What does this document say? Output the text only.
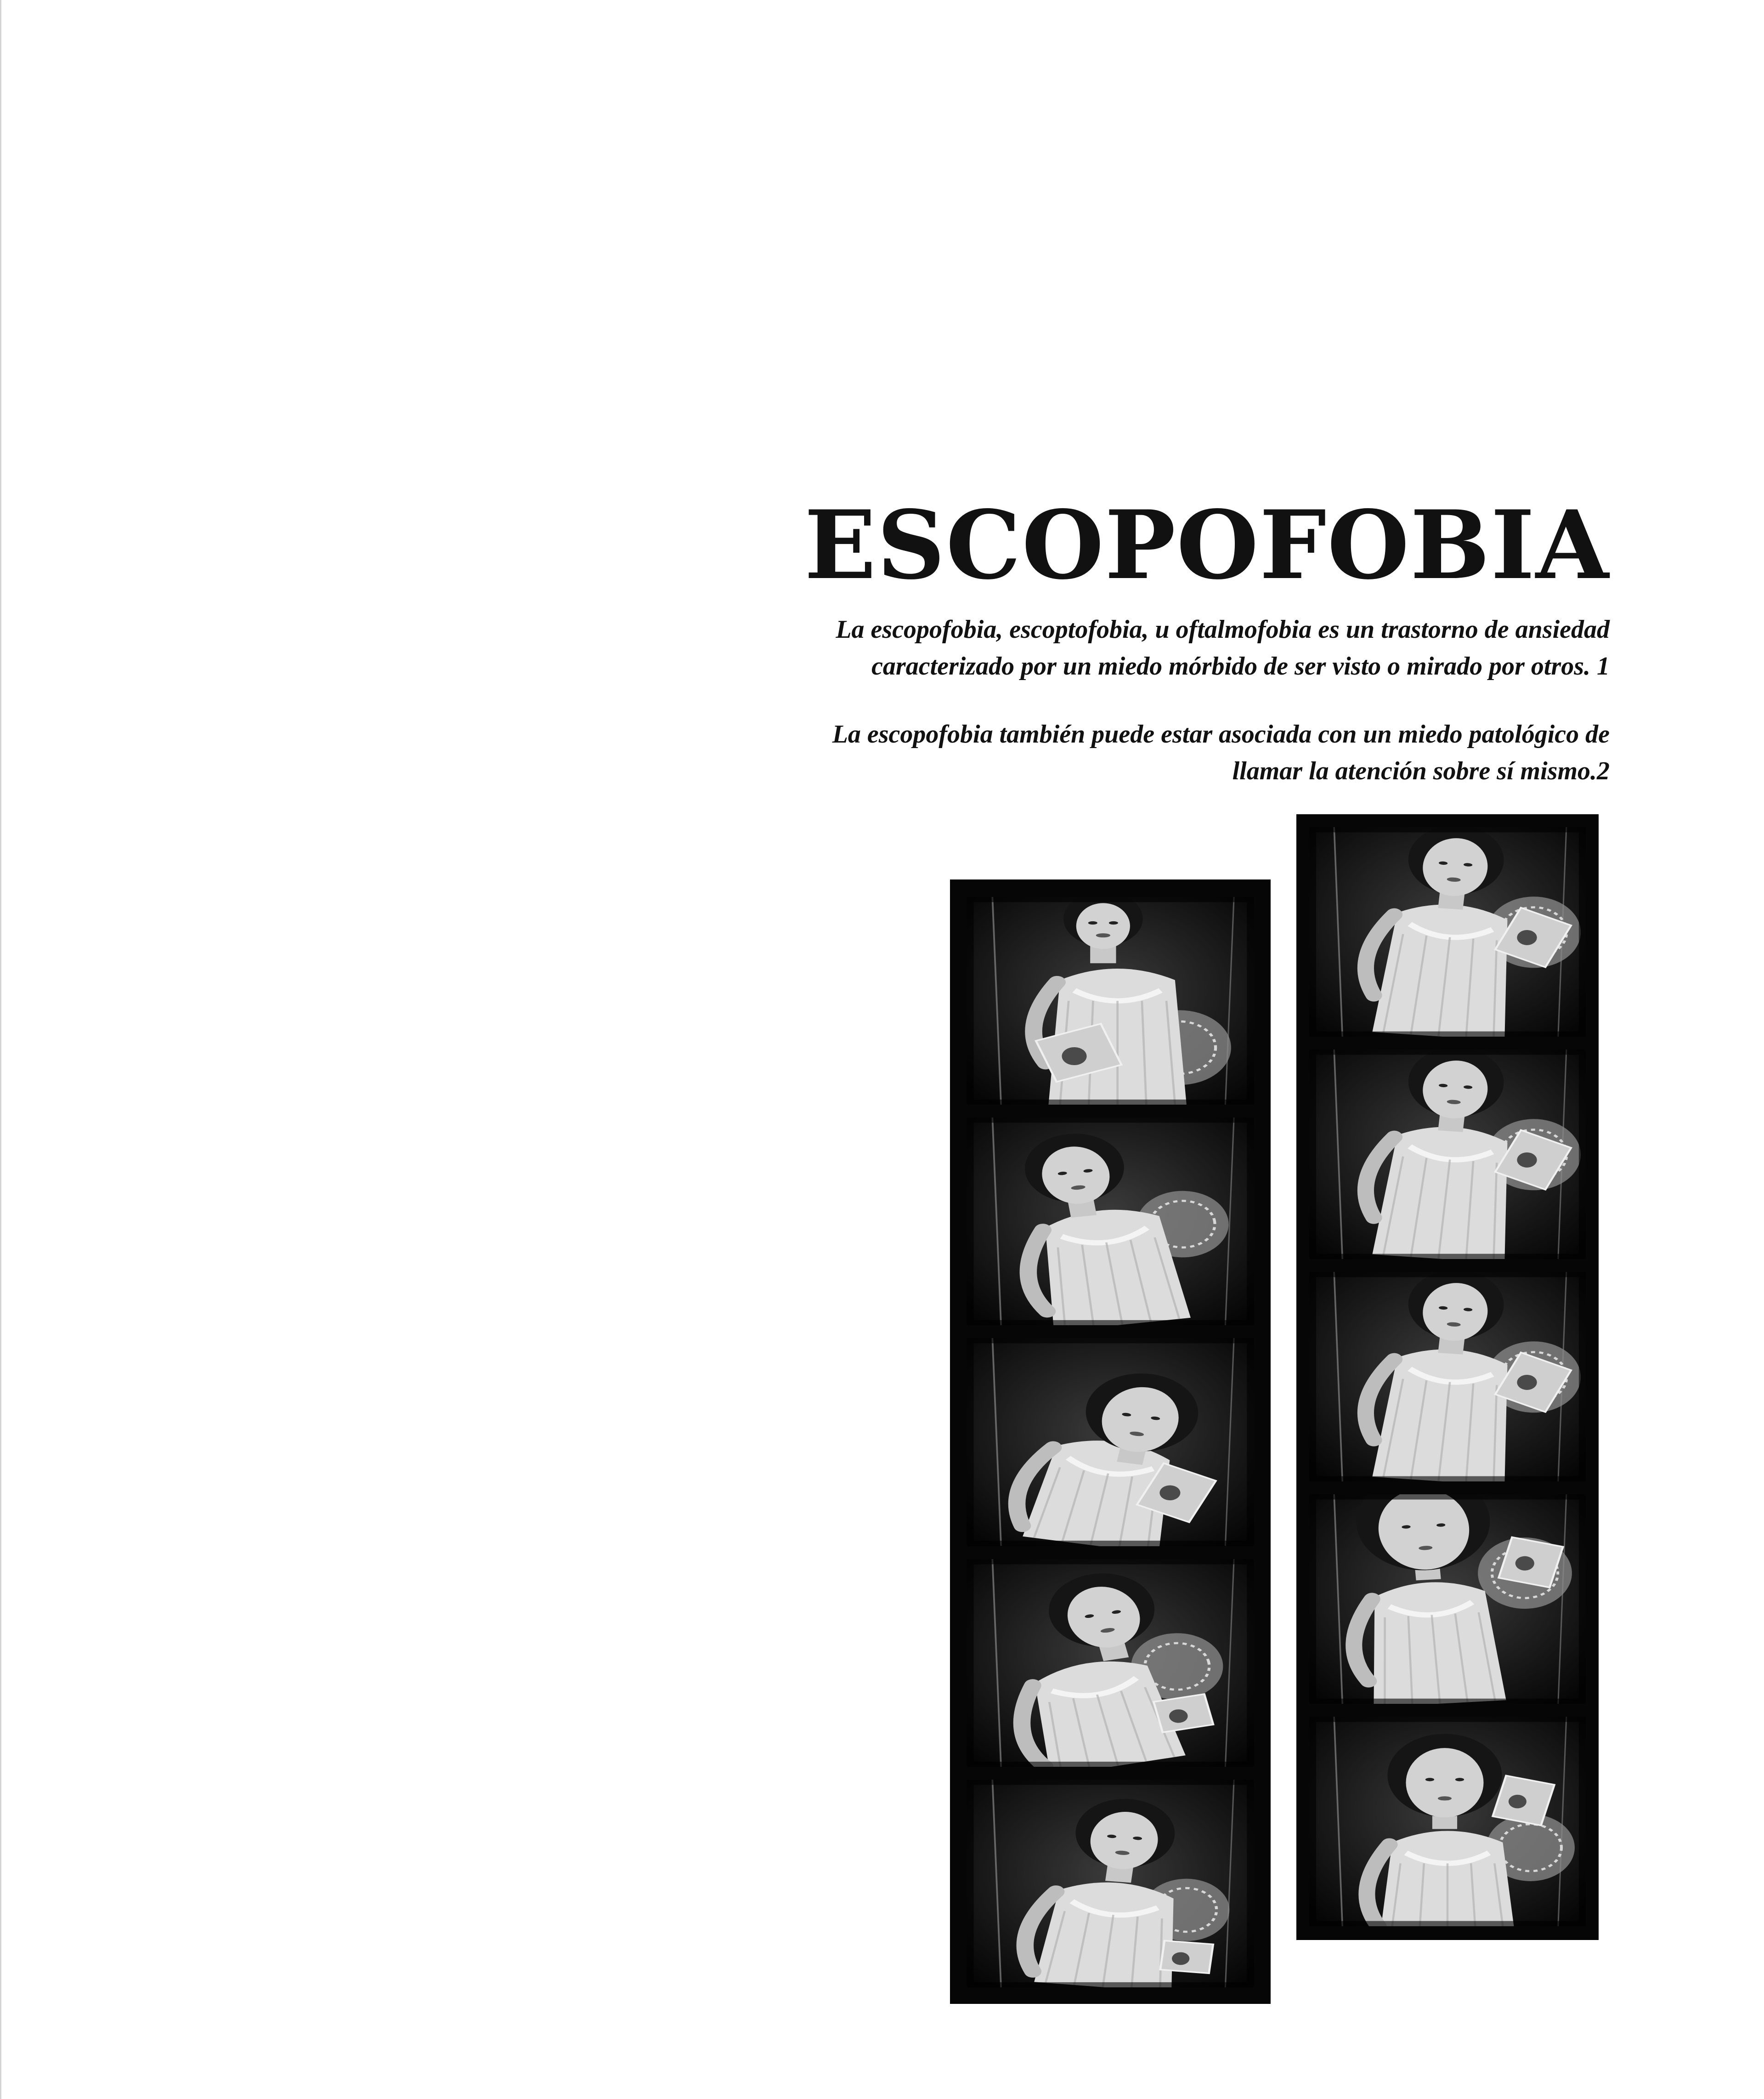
ESCOPOFOBIA

La escopofobia, escoptofobia, u oftalmofobia es un trastorno de ansiedad
caracterizado por un miedo mórbido de ser visto o mirado por otros. 1

La escopofobia también puede estar asociada con un miedo patológico de
llamar la atención sobre sí mismo.2
